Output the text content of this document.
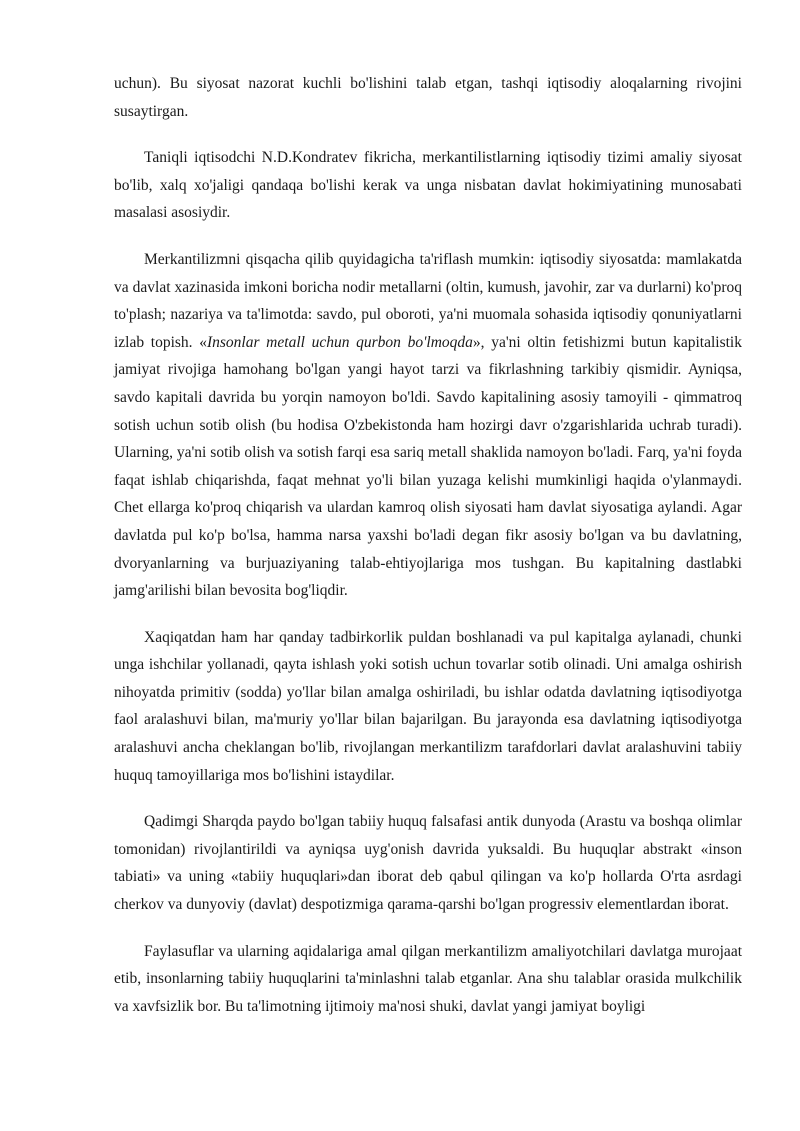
uchun). Bu siyosat nazorat kuchli bo'lishini talab etgan, tashqi iqtisodiy aloqalarning rivojini susaytirgan.

Taniqli iqtisodchi N.D.Kondratev fikricha, merkantilistlarning iqtisodiy tizimi amaliy siyosat bo'lib, xalq xo'jaligi qandaqa bo'lishi kerak va unga nisbatan davlat hokimiyatining munosabati masalasi asosiydir.

Merkantilizmni qisqacha qilib quyidagicha ta'riflash mumkin: iqtisodiy siyosatda: mamlakatda va davlat xazinasida imkoni boricha nodir metallarni (oltin, kumush, javohir, zar va durlarni) ko'proq to'plash; nazariya va ta'limotda: savdo, pul oboroti, ya'ni muomala sohasida iqtisodiy qonuniyatlarni izlab topish. «Insonlar metall uchun qurbon bo'lmoqda», ya'ni oltin fetishizmi butun kapitalistik jamiyat rivojiga hamohang bo'lgan yangi hayot tarzi va fikrlashning tarkibiy qismidir. Ayniqsa, savdo kapitali davrida bu yorqin namoyon bo'ldi. Savdo kapitalining asosiy tamoyili - qimmatroq sotish uchun sotib olish (bu hodisa O'zbekistonda ham hozirgi davr o'zgarishlarida uchrab turadi). Ularning, ya'ni sotib olish va sotish farqi esa sariq metall shaklida namoyon bo'ladi. Farq, ya'ni foyda faqat ishlab chiqarishda, faqat mehnat yo'li bilan yuzaga kelishi mumkinligi haqida o'ylanmaydi. Chet ellarga ko'proq chiqarish va ulardan kamroq olish siyosati ham davlat siyosatiga aylandi. Agar davlatda pul ko'p bo'lsa, hamma narsa yaxshi bo'ladi degan fikr asosiy bo'lgan va bu davlatning, dvoryanlarning va burjuaziyaning talab-ehtiyojlariga mos tushgan. Bu kapitalning dastlabki jamg'arilishi bilan bevosita bog'liqdir.

Xaqiqatdan ham har qanday tadbirkorlik puldan boshlanadi va pul kapitalga aylanadi, chunki unga ishchilar yollanadi, qayta ishlash yoki sotish uchun tovarlar sotib olinadi. Uni amalga oshirish nihoyatda primitiv (sodda) yo'llar bilan amalga oshiriladi, bu ishlar odatda davlatning iqtisodiyotga faol aralashuvi bilan, ma'muriy yo'llar bilan bajarilgan. Bu jarayonda esa davlatning iqtisodiyotga aralashuvi ancha cheklangan bo'lib, rivojlangan merkantilizm tarafdorlari davlat aralashuvini tabiiy huquq tamoyillariga mos bo'lishini istaydilar.

Qadimgi Sharqda paydo bo'lgan tabiiy huquq falsafasi antik dunyoda (Arastu va boshqa olimlar tomonidan) rivojlantirildi va ayniqsa uyg'onish davrida yuksaldi. Bu huquqlar abstrakt «inson tabiati» va uning «tabiiy huquqlari»dan iborat deb qabul qilingan va ko'p hollarda O'rta asrdagi cherkov va dunyoviy (davlat) despotizmiga qarama-qarshi bo'lgan progressiv elementlardan iborat.

Faylasuflar va ularning aqidalariga amal qilgan merkantilizm amaliyotchilari davlatga murojaat etib, insonlarning tabiiy huquqlarini ta'minlashni talab etganlar. Ana shu talablar orasida mulkchilik va xavfsizlik bor. Bu ta'limotning ijtimoiy ma'nosi shuki, davlat yangi jamiyat boyligi
